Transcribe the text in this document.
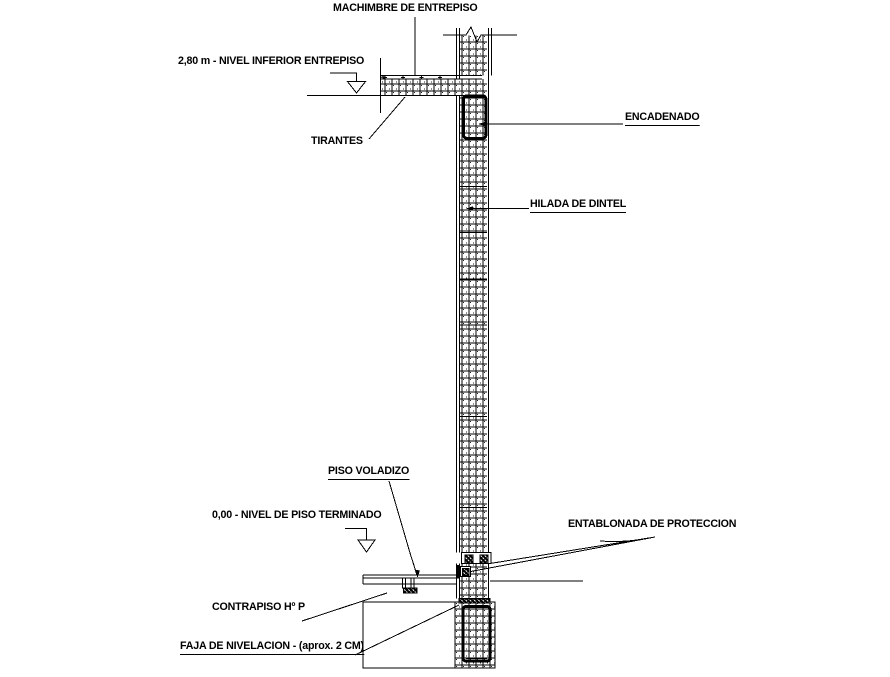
MACHIMBRE DE ENTREPISO
2,80 m - NIVEL INFERIOR ENTREPISO
TIRANTES
ENCADENADO
HILADA DE DINTEL
PISO VOLADIZO
0,00 - NIVEL DE PISO TERMINADO
ENTABLONADA DE PROTECCION
CONTRAPISO Hº P
FAJA DE NIVELACION - (aprox. 2 CM)
